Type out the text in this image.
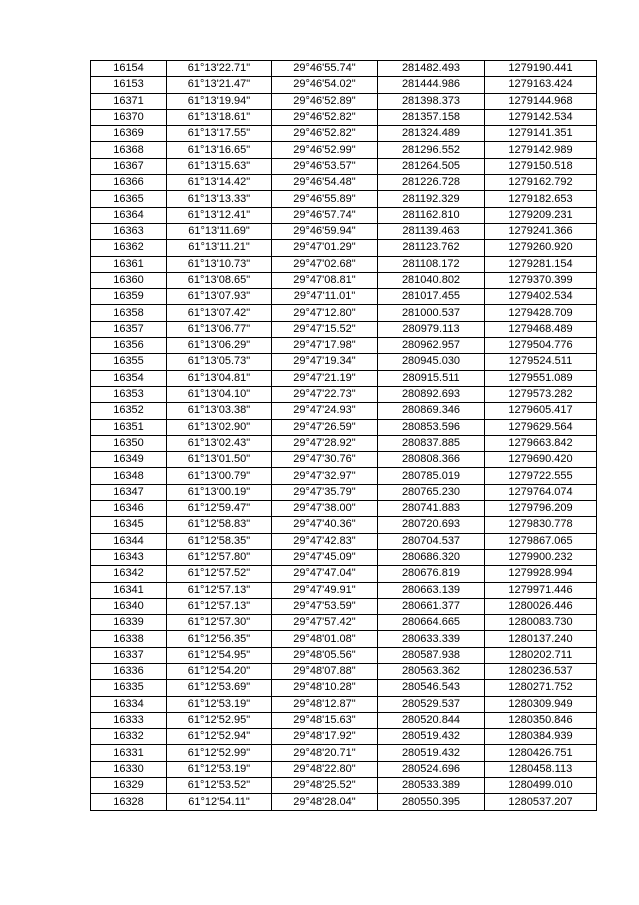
16154	61°13'22.71"	29°46'55.74"	281482.493	1279190.441
16153	61°13'21.47"	29°46'54.02"	281444.986	1279163.424
16371	61°13'19.94"	29°46'52.89"	281398.373	1279144.968
16370	61°13'18.61"	29°46'52.82"	281357.158	1279142.534
16369	61°13'17.55"	29°46'52.82"	281324.489	1279141.351
16368	61°13'16.65"	29°46'52.99"	281296.552	1279142.989
16367	61°13'15.63"	29°46'53.57"	281264.505	1279150.518
16366	61°13'14.42"	29°46'54.48"	281226.728	1279162.792
16365	61°13'13.33"	29°46'55.89"	281192.329	1279182.653
16364	61°13'12.41"	29°46'57.74"	281162.810	1279209.231
16363	61°13'11.69"	29°46'59.94"	281139.463	1279241.366
16362	61°13'11.21"	29°47'01.29"	281123.762	1279260.920
16361	61°13'10.73"	29°47'02.68"	281108.172	1279281.154
16360	61°13'08.65"	29°47'08.81"	281040.802	1279370.399
16359	61°13'07.93"	29°47'11.01"	281017.455	1279402.534
16358	61°13'07.42"	29°47'12.80"	281000.537	1279428.709
16357	61°13'06.77"	29°47'15.52"	280979.113	1279468.489
16356	61°13'06.29"	29°47'17.98"	280962.957	1279504.776
16355	61°13'05.73"	29°47'19.34"	280945.030	1279524.511
16354	61°13'04.81"	29°47'21.19"	280915.511	1279551.089
16353	61°13'04.10"	29°47'22.73"	280892.693	1279573.282
16352	61°13'03.38"	29°47'24.93"	280869.346	1279605.417
16351	61°13'02.90"	29°47'26.59"	280853.596	1279629.564
16350	61°13'02.43"	29°47'28.92"	280837.885	1279663.842
16349	61°13'01.50"	29°47'30.76"	280808.366	1279690.420
16348	61°13'00.79"	29°47'32.97"	280785.019	1279722.555
16347	61°13'00.19"	29°47'35.79"	280765.230	1279764.074
16346	61°12'59.47"	29°47'38.00"	280741.883	1279796.209
16345	61°12'58.83"	29°47'40.36"	280720.693	1279830.778
16344	61°12'58.35"	29°47'42.83"	280704.537	1279867.065
16343	61°12'57.80"	29°47'45.09"	280686.320	1279900.232
16342	61°12'57.52"	29°47'47.04"	280676.819	1279928.994
16341	61°12'57.13"	29°47'49.91"	280663.139	1279971.446
16340	61°12'57.13"	29°47'53.59"	280661.377	1280026.446
16339	61°12'57.30"	29°47'57.42"	280664.665	1280083.730
16338	61°12'56.35"	29°48'01.08"	280633.339	1280137.240
16337	61°12'54.95"	29°48'05.56"	280587.938	1280202.711
16336	61°12'54.20"	29°48'07.88"	280563.362	1280236.537
16335	61°12'53.69"	29°48'10.28"	280546.543	1280271.752
16334	61°12'53.19"	29°48'12.87"	280529.537	1280309.949
16333	61°12'52.95"	29°48'15.63"	280520.844	1280350.846
16332	61°12'52.94"	29°48'17.92"	280519.432	1280384.939
16331	61°12'52.99"	29°48'20.71"	280519.432	1280426.751
16330	61°12'53.19"	29°48'22.80"	280524.696	1280458.113
16329	61°12'53.52"	29°48'25.52"	280533.389	1280499.010
16328	61°12'54.11"	29°48'28.04"	280550.395	1280537.207
